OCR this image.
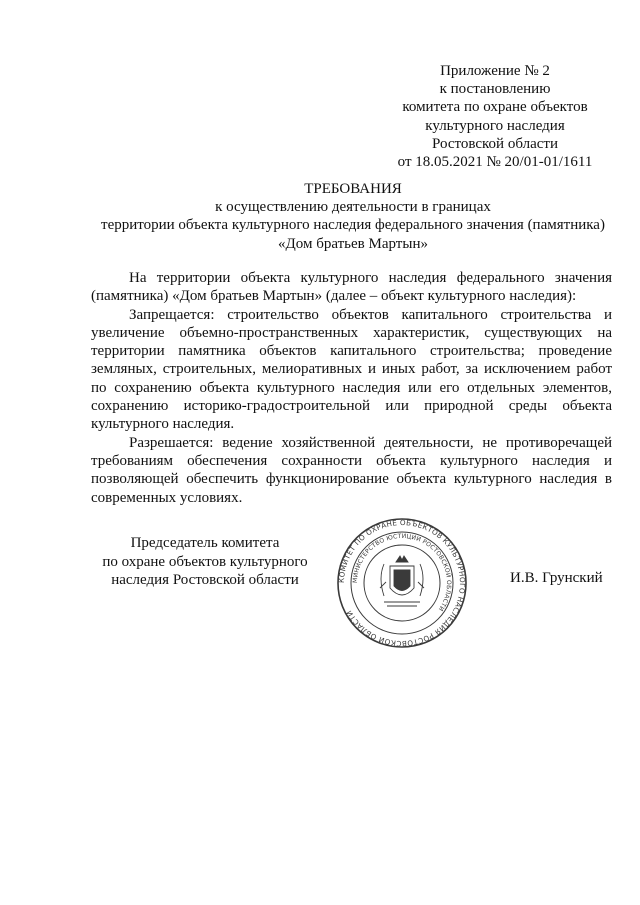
Приложение № 2
к постановлению
комитета по охране объектов
культурного наследия
Ростовской области
от 18.05.2021 № 20/01-01/1611
ТРЕБОВАНИЯ
к осуществлению деятельности в границах
территории объекта культурного наследия федерального значения (памятника)
«Дом братьев Мартын»

На территории объекта культурного наследия федерального значения (памятника) «Дом братьев Мартын» (далее – объект культурного наследия):

Запрещается: строительство объектов капитального строительства и увеличение объемно-пространственных характеристик, существующих на территории памятника объектов капитального строительства; проведение земляных, строительных, мелиоративных и иных работ, за исключением работ по сохранению объекта культурного наследия или его отдельных элементов, сохранению историко-градостроительной или природной среды объекта культурного наследия.

Разрешается: ведение хозяйственной деятельности, не противоречащей требованиям обеспечения сохранности объекта культурного наследия и позволяющей обеспечить функционирование объекта культурного наследия в современных условиях.

Председатель комитета
по охране объектов культурного
наследия Ростовской области	И.В. Грунский
КОМИТЕТ ПО ОХРАНЕ ОБЪЕКТОВ КУЛЬТУРНОГО НАСЛЕДИЯ РОСТОВСКОЙ ОБЛАСТИ
МИНИСТЕРСТВО ЮСТИЦИИ РОСТОВСКОЙ ОБЛАСТИ
